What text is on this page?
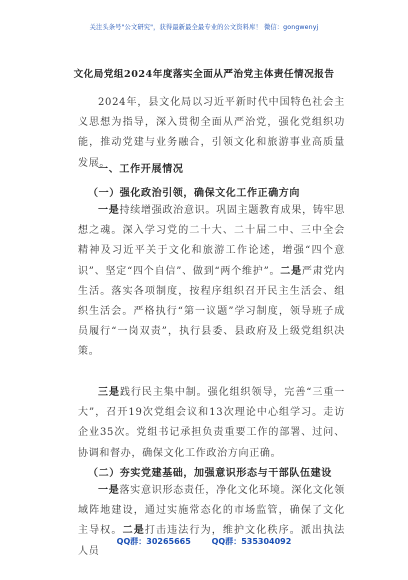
关注头条号"公文研究"，获得最新最全最专业的公文资料库！ 微信：gongwenyj
文化局党组2024年度落实全面从严治党主体责任情况报告

2024年，县文化局以习近平新时代中国特色社会主义思想为指导，深入贯彻全面从严治党，强化党组织功能，推动党建与业务融合，引领文化和旅游事业高质量发展。

一、工作开展情况
（一）强化政治引领，确保文化工作正确方向

一是持续增强政治意识。巩固主题教育成果，铸牢思想之魂。深入学习党的二十大、二十届二中、三中全会精神及习近平关于文化和旅游工作论述，增强“四个意识”、坚定“四个自信”、做到“两个维护”。二是严肃党内生活。落实各项制度，按程序组织召开民主生活会、组织生活会。严格执行“第一议题”学习制度，领导班子成员履行“一岗双责”，执行县委、县政府及上级党组织决策。

三是践行民主集中制。强化组织领导，完善“三重一大”，召开19次党组会议和13次理论中心组学习。走访企业35次。党组书记承担负责重要工作的部署、过问、协调和督办，确保文化工作政治方向正确。

（二）夯实党建基础，加强意识形态与干部队伍建设

一是落实意识形态责任，净化文化环境。深化文化领域阵地建设，通过实施常态化的市场监管，确保了文化主导权。二是打击违法行为，维护文化秩序。派出执法人员

QQ群：30265665	QQ群：535304092
